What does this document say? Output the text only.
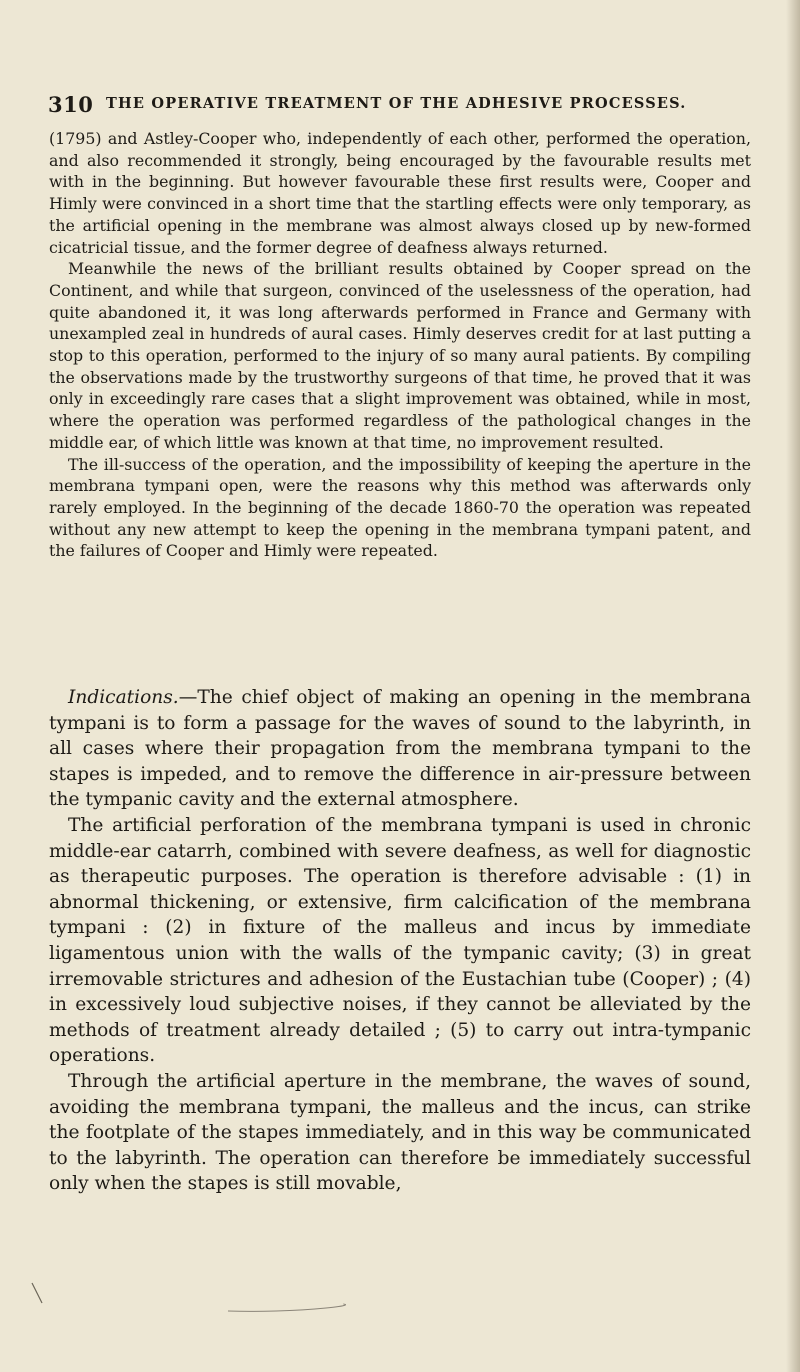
310 THE OPERATIVE TREATMENT OF THE ADHESIVE PROCESSES.

(1795) and Astley-Cooper who, independently of each other, performed the operation, and also recommended it strongly, being encouraged by the favourable results met with in the beginning. But however favourable these first results were, Cooper and Himly were convinced in a short time that the startling effects were only temporary, as the artificial opening in the membrane was almost always closed up by new-formed cicatricial tissue, and the former degree of deafness always returned.

Meanwhile the news of the brilliant results obtained by Cooper spread on the Continent, and while that surgeon, convinced of the uselessness of the operation, had quite abandoned it, it was long afterwards performed in France and Germany with unexampled zeal in hundreds of aural cases. Himly deserves credit for at last putting a stop to this operation, performed to the injury of so many aural patients. By compiling the observations made by the trustworthy surgeons of that time, he proved that it was only in exceedingly rare cases that a slight improvement was obtained, while in most, where the operation was performed regardless of the pathological changes in the middle ear, of which little was known at that time, no improvement resulted.

The ill-success of the operation, and the impossibility of keeping the aperture in the membrana tympani open, were the reasons why this method was afterwards only rarely employed. In the beginning of the decade 1860-70 the operation was repeated without any new attempt to keep the opening in the membrana tympani patent, and the failures of Cooper and Himly were repeated.

Indications.—The chief object of making an opening in the membrana tympani is to form a passage for the waves of sound to the labyrinth, in all cases where their propagation from the membrana tympani to the stapes is impeded, and to remove the difference in air-pressure between the tympanic cavity and the external atmosphere.

The artificial perforation of the membrana tympani is used in chronic middle-ear catarrh, combined with severe deafness, as well for diagnostic as therapeutic purposes. The operation is therefore advisable : (1) in abnormal thickening, or extensive, firm calcification of the membrana tympani : (2) in fixture of the malleus and incus by immediate ligamentous union with the walls of the tympanic cavity; (3) in great irremovable strictures and adhesion of the Eustachian tube (Cooper) ; (4) in excessively loud subjective noises, if they cannot be alleviated by the methods of treatment already detailed ; (5) to carry out intra-tympanic operations.

Through the artificial aperture in the membrane, the waves of sound, avoiding the membrana tympani, the malleus and the incus, can strike the footplate of the stapes immediately, and in this way be communicated to the labyrinth. The operation can therefore be immediately successful only when the stapes is still movable,
